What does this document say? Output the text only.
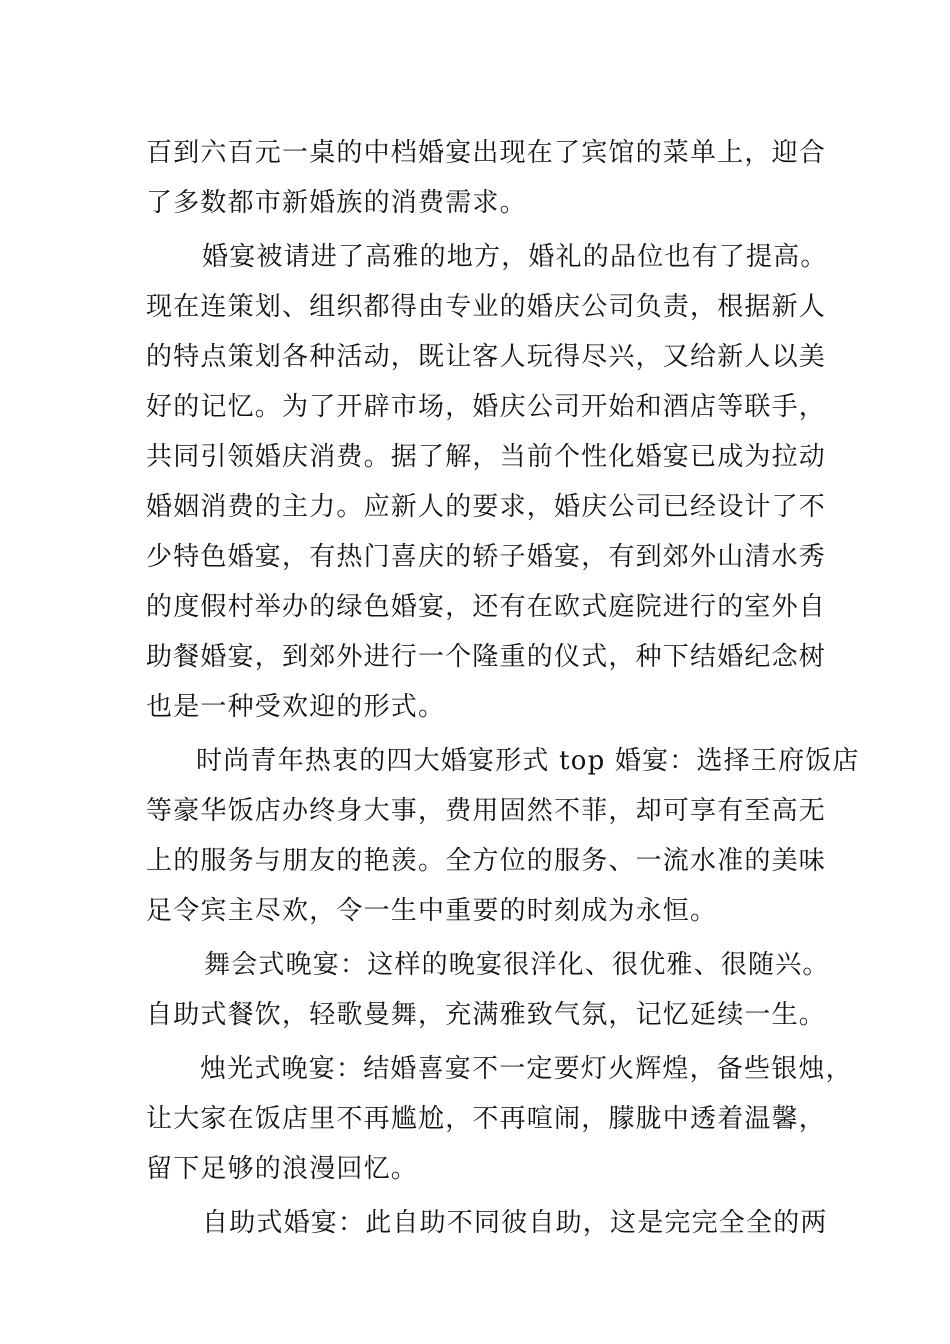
百到六百元一桌的中档婚宴出现在了宾馆的菜单上，迎合
了多数都市新婚族的消费需求。
婚宴被请进了高雅的地方，婚礼的品位也有了提高。
现在连策划、组织都得由专业的婚庆公司负责，根据新人
的特点策划各种活动，既让客人玩得尽兴，又给新人以美
好的记忆。为了开辟市场，婚庆公司开始和酒店等联手，
共同引领婚庆消费。据了解，当前个性化婚宴已成为拉动
婚姻消费的主力。应新人的要求，婚庆公司已经设计了不
少特色婚宴，有热门喜庆的轿子婚宴，有到郊外山清水秀
的度假村举办的绿色婚宴，还有在欧式庭院进行的室外自
助餐婚宴，到郊外进行一个隆重的仪式，种下结婚纪念树
也是一种受欢迎的形式。
时尚青年热衷的四大婚宴形式 top 婚宴：选择王府饭店
等豪华饭店办终身大事，费用固然不菲，却可享有至高无
上的服务与朋友的艳羡。全方位的服务、一流水准的美味
足令宾主尽欢，令一生中重要的时刻成为永恒。
舞会式晚宴：这样的晚宴很洋化、很优雅、很随兴。
自助式餐饮，轻歌曼舞，充满雅致气氛，记忆延续一生。
烛光式晚宴：结婚喜宴不一定要灯火辉煌，备些银烛，
让大家在饭店里不再尴尬，不再喧闹，朦胧中透着温馨，
留下足够的浪漫回忆。
自助式婚宴：此自助不同彼自助，这是完完全全的两
